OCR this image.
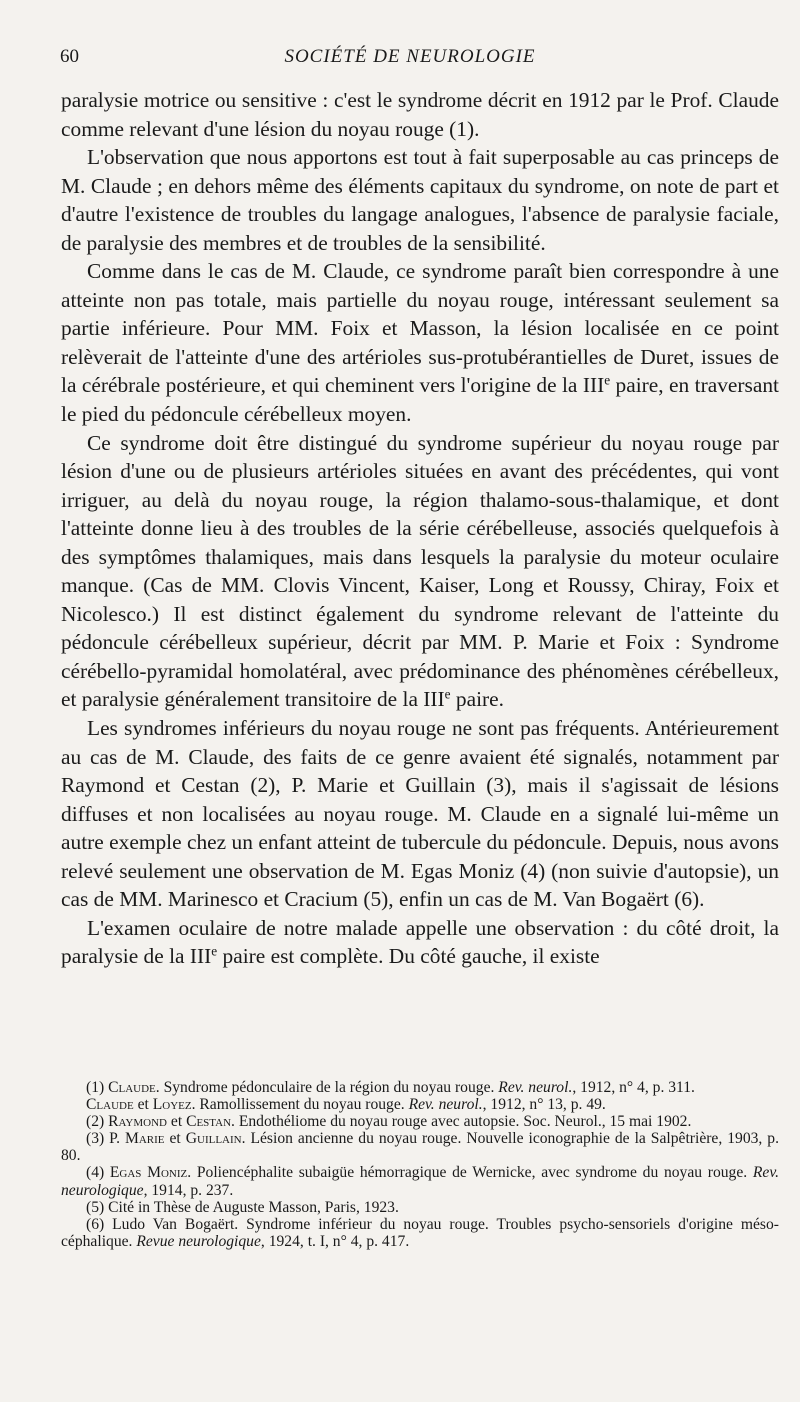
60	SOCIÉTÉ DE NEUROLOGIE

paralysie motrice ou sensitive : c'est le syndrome décrit en 1912 par le Prof. Claude comme relevant d'une lésion du noyau rouge (1).

L'observation que nous apportons est tout à fait superposable au cas princeps de M. Claude ; en dehors même des éléments capitaux du syndrome, on note de part et d'autre l'existence de troubles du langage analogues, l'absence de paralysie faciale, de paralysie des membres et de troubles de la sensibilité.

Comme dans le cas de M. Claude, ce syndrome paraît bien correspondre à une atteinte non pas totale, mais partielle du noyau rouge, intéressant seulement sa partie inférieure. Pour MM. Foix et Masson, la lésion localisée en ce point relèverait de l'atteinte d'une des artérioles sus-protubérantielles de Duret, issues de la cérébrale postérieure, et qui cheminent vers l'origine de la IIIe paire, en traversant le pied du pédoncule cérébelleux moyen.

Ce syndrome doit être distingué du syndrome supérieur du noyau rouge par lésion d'une ou de plusieurs artérioles situées en avant des précédentes, qui vont irriguer, au delà du noyau rouge, la région thalamo-sous-thalamique, et dont l'atteinte donne lieu à des troubles de la série cérébelleuse, associés quelquefois à des symptômes thalamiques, mais dans lesquels la paralysie du moteur oculaire manque. (Cas de MM. Clovis Vincent, Kaiser, Long et Roussy, Chiray, Foix et Nicolesco.) Il est distinct également du syndrome relevant de l'atteinte du pédoncule cérébelleux supérieur, décrit par MM. P. Marie et Foix : Syndrome cérébello-pyramidal homolatéral, avec prédominance des phénomènes cérébelleux, et paralysie généralement transitoire de la IIIe paire.

Les syndromes inférieurs du noyau rouge ne sont pas fréquents. Antérieurement au cas de M. Claude, des faits de ce genre avaient été signalés, notamment par Raymond et Cestan (2), P. Marie et Guillain (3), mais il s'agissait de lésions diffuses et non localisées au noyau rouge. M. Claude en a signalé lui-même un autre exemple chez un enfant atteint de tubercule du pédoncule. Depuis, nous avons relevé seulement une observation de M. Egas Moniz (4) (non suivie d'autopsie), un cas de MM. Marinesco et Cracium (5), enfin un cas de M. Van Bogaërt (6).

L'examen oculaire de notre malade appelle une observation : du côté droit, la paralysie de la IIIe paire est complète. Du côté gauche, il existe

(1) Claude. Syndrome pédonculaire de la région du noyau rouge. Rev. neurol., 1912, n° 4, p. 311.

Claude et Loyez. Ramollissement du noyau rouge. Rev. neurol., 1912, n° 13, p. 49.

(2) Raymond et Cestan. Endothéliome du noyau rouge avec autopsie. Soc. Neurol., 15 mai 1902.

(3) P. Marie et Guillain. Lésion ancienne du noyau rouge. Nouvelle iconographie de la Salpêtrière, 1903, p. 80.

(4) Egas Moniz. Poliencéphalite subaigüe hémorragique de Wernicke, avec syndrome du noyau rouge. Rev. neurologique, 1914, p. 237.

(5) Cité in Thèse de Auguste Masson, Paris, 1923.

(6) Ludo Van Bogaërt. Syndrome inférieur du noyau rouge. Troubles psycho-sensoriels d'origine méso-céphalique. Revue neurologique, 1924, t. I, n° 4, p. 417.
